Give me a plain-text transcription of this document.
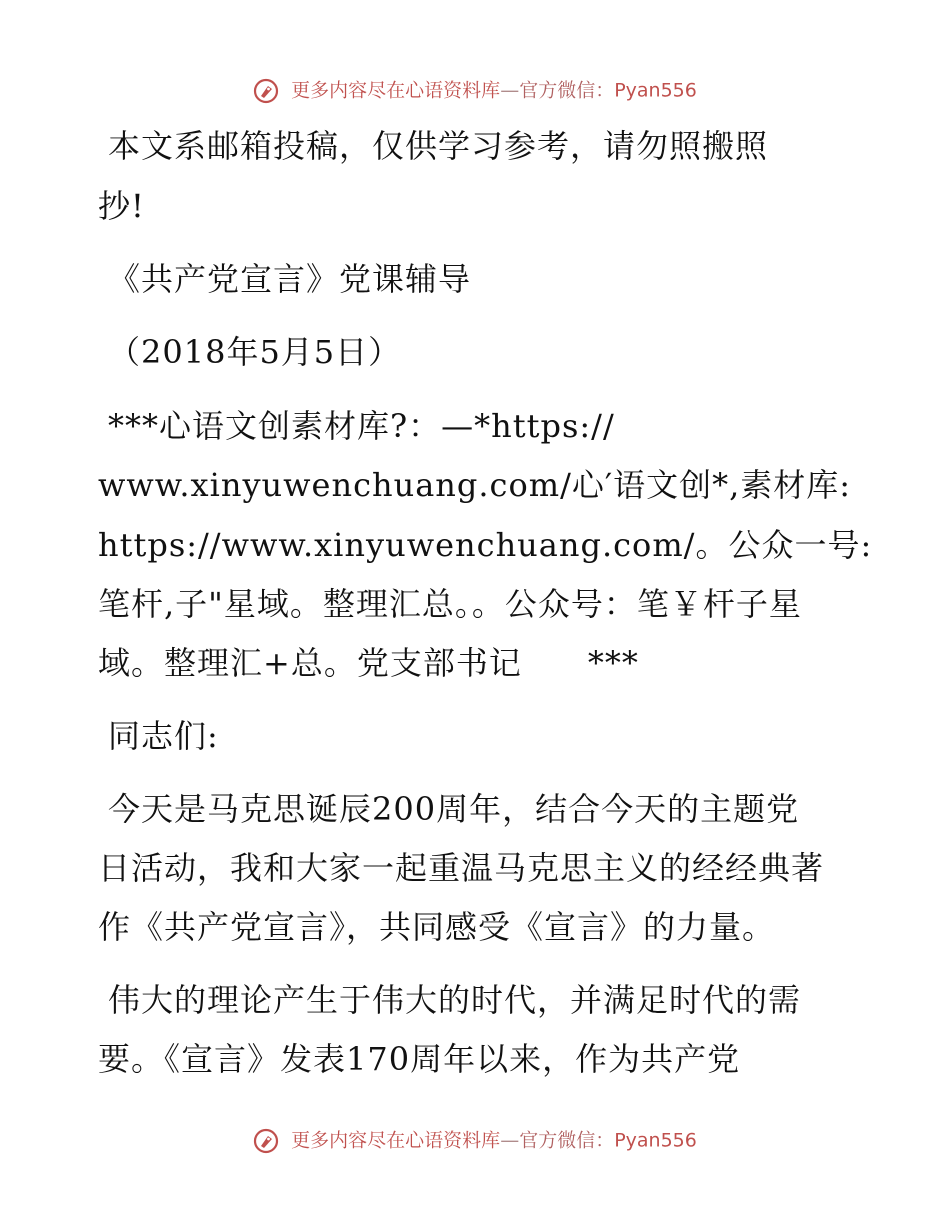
更多内容尽在心语资料库—官方微信：Pyan556
本文系邮箱投稿，仅供学习参考，请勿照搬照
抄!
《共产党宣言》党课辅导
（2018年5月5日）
***心语文创素材库?：—*https://
www.xinyuwenchuang.com/心′语文创*,素材库:
https://www.xinyuwenchuang.com/。公众一号:
笔杆,子"星域。整理汇总。。公众号：笔￥杆子星
域。整理汇+总。党支部书记　　***
同志们:
今天是马克思诞辰200周年，结合今天的主题党
日活动，我和大家一起重温马克思主义的经经典著
作《共产党宣言》，共同感受《宣言》的力量。
伟大的理论产生于伟大的时代，并满足时代的需
要。《宣言》发表170周年以来，作为共产党
更多内容尽在心语资料库—官方微信：Pyan556
